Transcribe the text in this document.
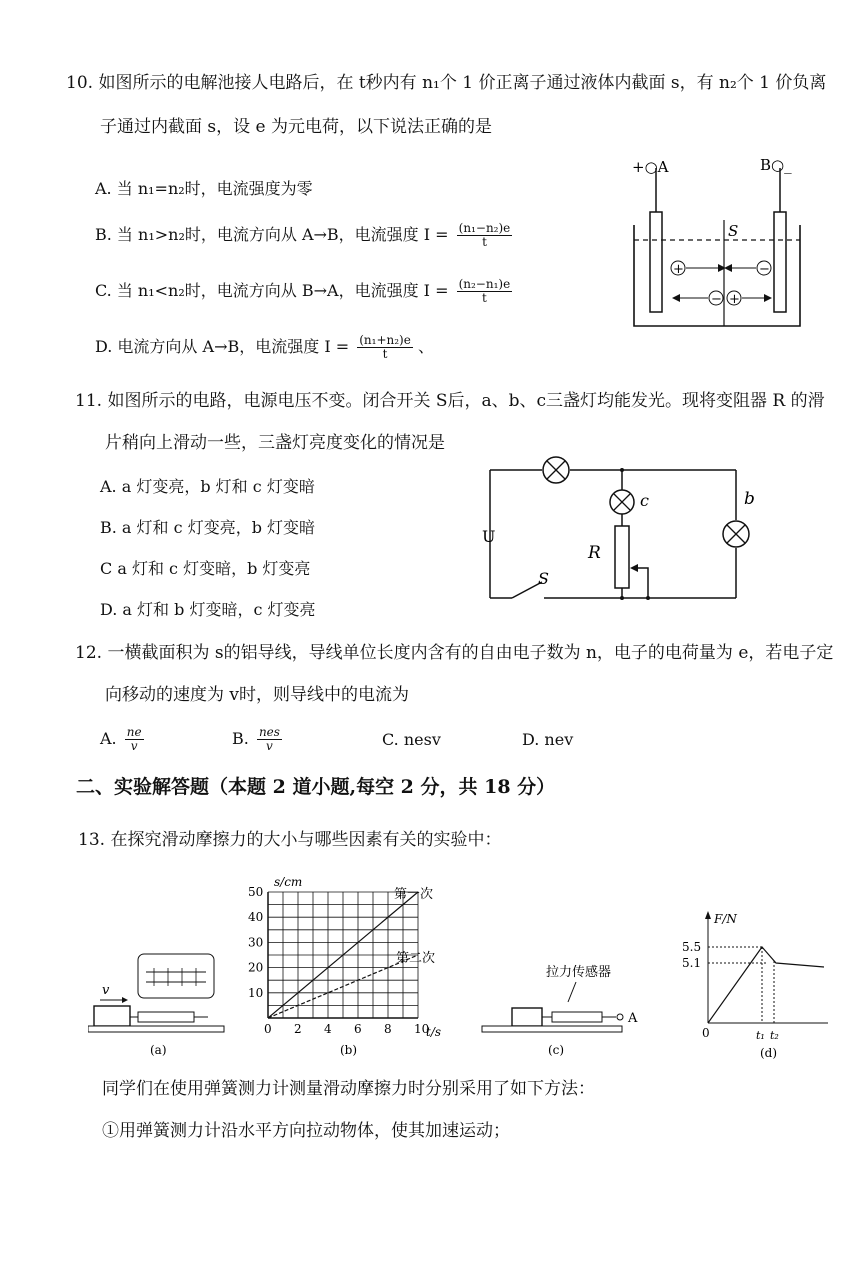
10. 如图所示的电解池接人电路后，在 t秒内有 n₁个 1 价正离子通过液体内截面 s，有 n₂个 1 价负离
子通过内截面 s，设 e 为元电荷，以下说法正确的是
A. 当 n₁=n₂时，电流强度为零
B. 当 n₁>n₂时，电流方向从 A→B，电流强度 $I = \frac{\text{(n₁−n₂)e}}{t}$
C. 当 n₁<n₂时，电流方向从 B→A，电流强度 $I = \frac{\text{(n₂−n₁)e}}{t}$
D. 电流方向从 A→B，电流强度 $I = \frac{\text{(n₁+n₂)e}}{t}$ 、
+○A	B○_
S
+	−
− +
11. 如图所示的电路，电源电压不变。闭合开关 S后，a、b、c三盏灯均能发光。现将变阻器 R 的滑
片稍向上滑动一些，三盏灯亮度变化的情况是
A. a 灯变亮，b 灯和 c 灯变暗
B. a 灯和 c 灯变亮，b 灯变暗
C a 灯和 c 灯变暗，b 灯变亮
D. a 灯和 b 灯变暗，c 灯变亮
b
c
R
U
S
12. 一横截面积为 s的铝导线，导线单位长度内含有的自由电子数为 n，电子的电荷量为 e，若电子定
向移动的速度为 v时，则导线中的电流为
A. $\frac{ne}{v}$	B. $\frac{\text{nes}}{v}$	C. nesv	D. nev
二、实验解答题（本题 2 道小题,每空 2 分，共 18 分）
13. 在探究滑动摩擦力的大小与哪些因素有关的实验中：
v
(a)
0 2 4 6 8 10
10
20
30
40
50
s/cm
t/s
第一次
第二次
(b)
拉力传感器
A
(c)
F/N
5.5
5.1
0	t₁ t₂
(d)
同学们在使用弹簧测力计测量滑动摩擦力时分别采用了如下方法：
①用弹簧测力计沿水平方向拉动物体，使其加速运动；
